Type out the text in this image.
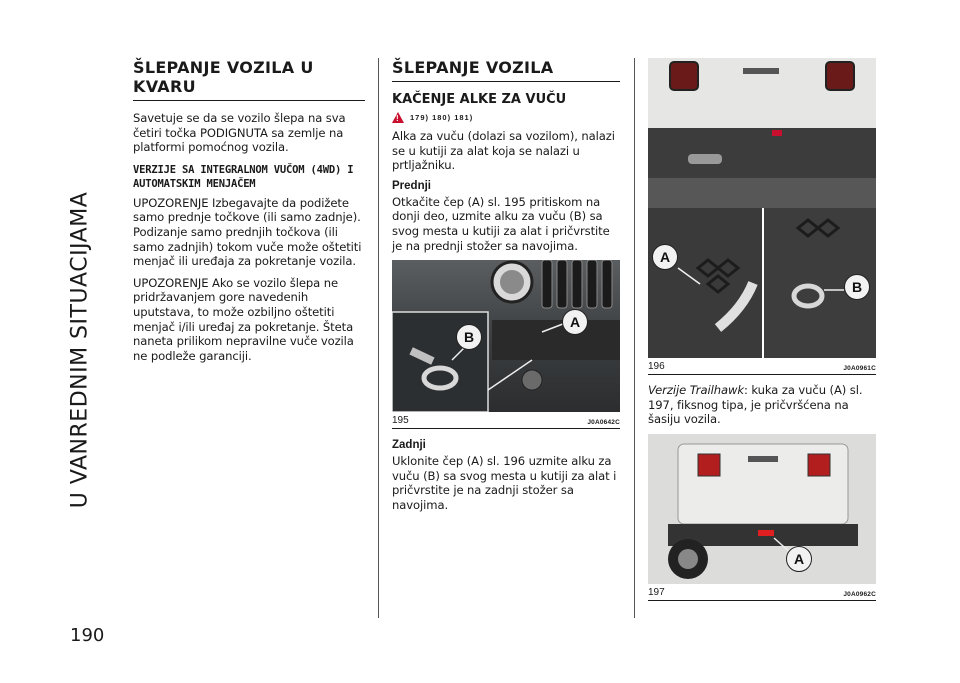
U VANREDNIM SITUACIJAMA
190
ŠLEPANJE VOZILA U KVARU

Savetuje se da se vozilo šlepa na sva četiri točka PODIGNUTA sa zemlje na platformi pomoćnog vozila.

VERZIJE SA INTEGRALNOM VUČOM (4WD) I AUTOMATSKIM MENJAČEM

UPOZORENJE Izbegavajte da podižete samo prednje točkove (ili samo zadnje). Podizanje samo prednjih točkova (ili samo zadnjih) tokom vuče može oštetiti menjač ili uređaja za pokretanje vozila.

UPOZORENJE Ako se vozilo šlepa ne pridržavanjem gore navedenih uputstava, to može ozbiljno oštetiti menjač i/ili uređaj za pokretanje. Šteta naneta prilikom nepravilne vuče vozila ne podleže garanciji.

ŠLEPANJE VOZILA
KAČENJE ALKE ZA VUČU
! 179) 180) 181)

Alka za vuču (dolazi sa vozilom), nalazi se u kutiji za alat koja se nalazi u prtljažniku.

Prednji

Otkačite čep (A) sl. 195 pritiskom na donji deo, uzmite alku za vuču (B) sa svog mesta u kutiji za alat i pričvrstite je na prednji stožer sa navojima.

B
A
195	J0A0642C
Zadnji

Uklonite čep (A) sl. 196 uzmite alku za vuču (B) sa svog mesta u kutiji za alat i pričvrstite je na zadnji stožer sa navojima.

A
B
196	J0A0961C

Verzije Trailhawk: kuka za vuču (A) sl. 197, fiksnog tipa, je pričvršćena na šasiju vozila.

A
197	J0A0962C
